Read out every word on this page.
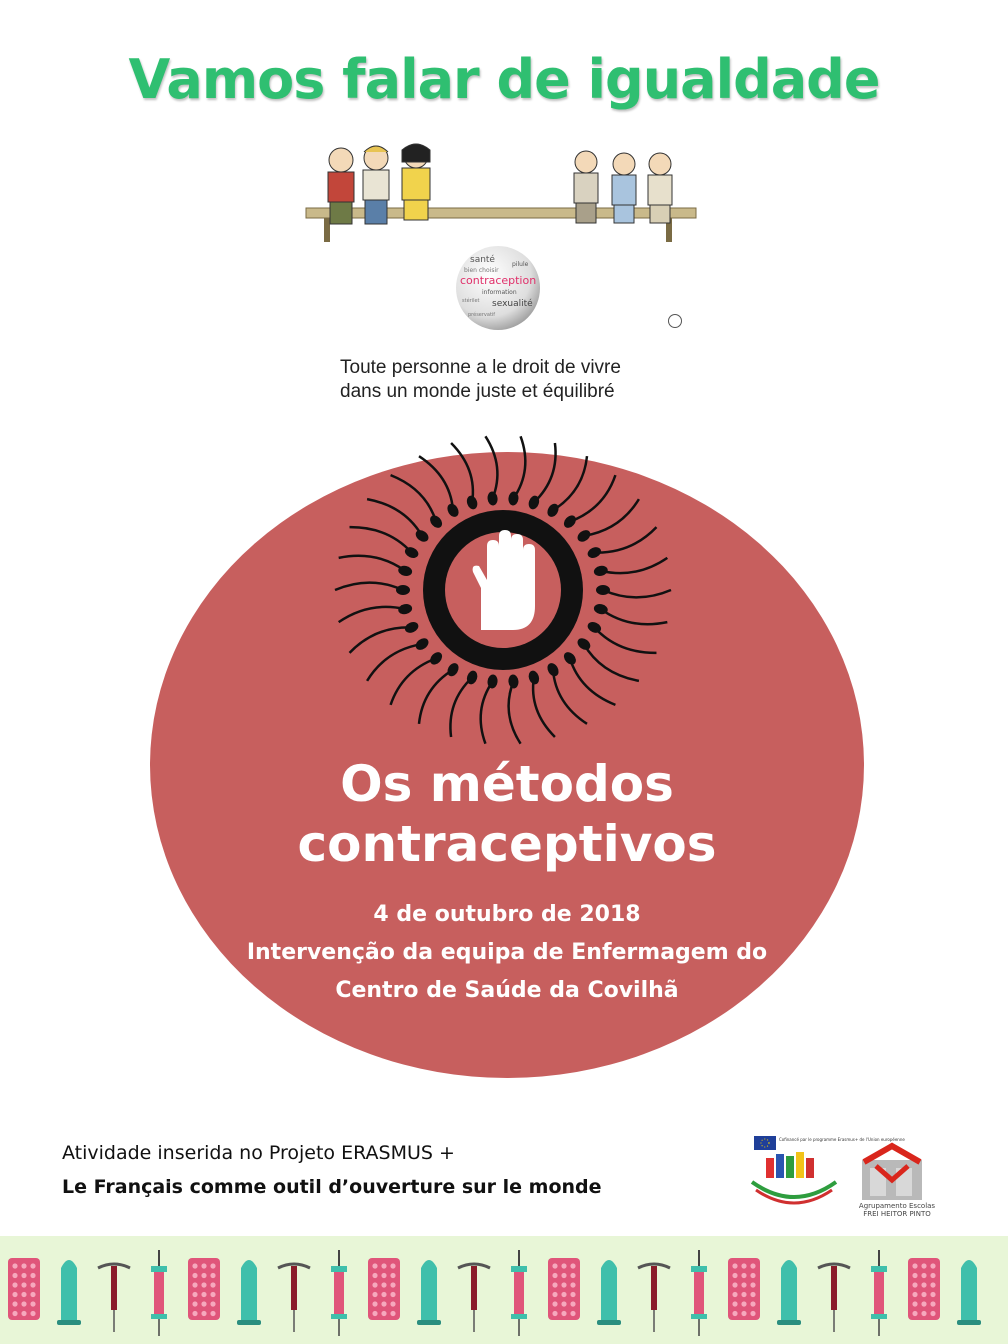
Vamos falar de igualdade
santé	pilule
bien choisir
contraception
information
sexualité
stérilet
préservatif
Toute personne a le droit de vivre
dans un monde juste et équilibré
Os métodos
contraceptivos
4 de outubro de 2018
Intervenção da equipa de Enfermagem do
Centro de Saúde da Covilhã
Atividade inserida no Projeto ERASMUS +
Le Français comme outil d’ouverture sur le monde
Cofinancé par le programme Erasmus+ de l'Union européenne
Agrupamento Escolas FREI HEITOR PINTO
